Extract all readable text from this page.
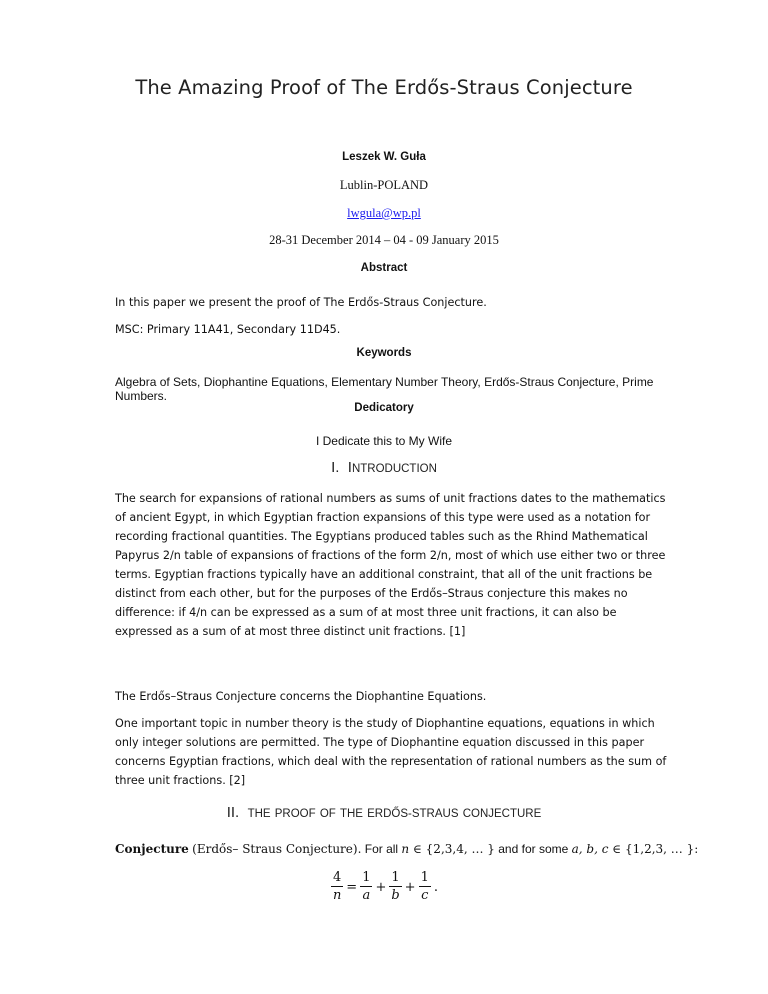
The Amazing Proof of The Erdős-Straus Conjecture
Leszek W. Guła
Lublin-POLAND
lwgula@wp.pl
28-31 December 2014 – 04 - 09 January 2015
Abstract
In this paper we present the proof of The Erdős-Straus Conjecture.
MSC: Primary 11A41, Secondary 11D45.
Keywords
Algebra of Sets, Diophantine Equations, Elementary Number Theory, Erdős-Straus Conjecture, Prime Numbers.
Dedicatory
I Dedicate this to My Wife
I. INTRODUCTION
The search for expansions of rational numbers as sums of unit fractions dates to the mathematics of ancient Egypt, in which Egyptian fraction expansions of this type were used as a notation for recording fractional quantities. The Egyptians produced tables such as the Rhind Mathematical Papyrus 2/n table of expansions of fractions of the form 2/n, most of which use either two or three terms. Egyptian fractions typically have an additional constraint, that all of the unit fractions be distinct from each other, but for the purposes of the Erdős–Straus conjecture this makes no difference: if 4/n can be expressed as a sum of at most three unit fractions, it can also be expressed as a sum of at most three distinct unit fractions. [1]
The Erdős–Straus Conjecture concerns the Diophantine Equations.
One important topic in number theory is the study of Diophantine equations, equations in which only integer solutions are permitted. The type of Diophantine equation discussed in this paper concerns Egyptian fractions, which deal with the representation of rational numbers as the sum of three unit fractions. [2]
II. THE PROOF OF THE ERDŐS-STRAUS CONJECTURE
Conjecture (Erdős– Straus Conjecture). For all n ∈ {2,3,4, … } and for some a, b, c ∈ {1,2,3, … }:
$\frac{4}{n} = \frac{1}{a} + \frac{1}{b} + \frac{1}{c}$ .
